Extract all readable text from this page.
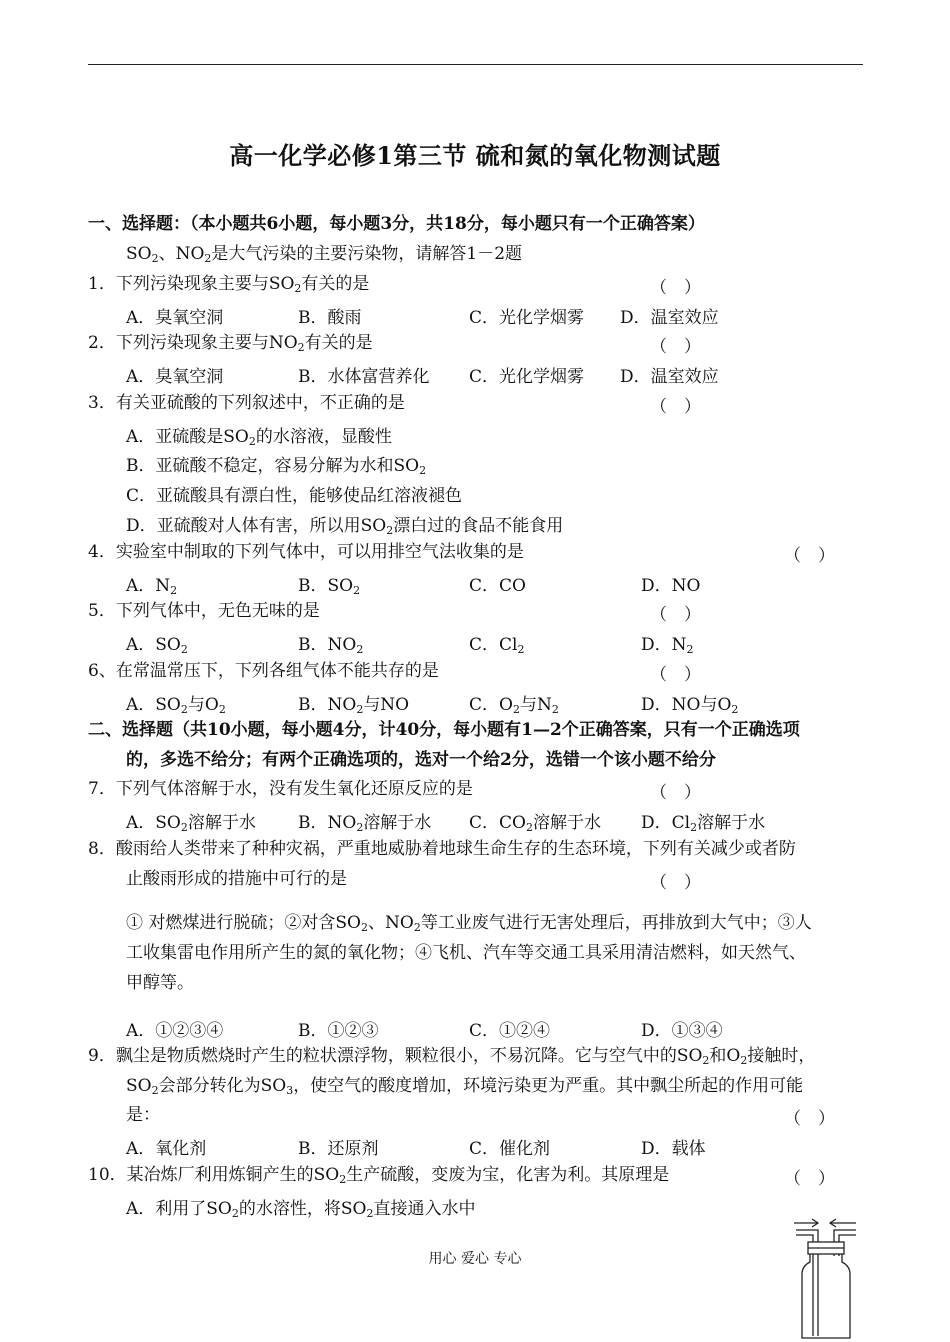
高一化学必修1第三节 硫和氮的氧化物测试题
一、选择题：（本小题共6小题，每小题3分，共18分，每小题只有一个正确答案）
$SO_2$、$NO_2$是大气污染的主要污染物，请解答1－2题
1．下列污染现象主要与$SO_2$有关的是	（　）
A．臭氧空洞	B．酸雨	C．光化学烟雾 D．温室效应
2．下列污染现象主要与$NO_2$有关的是	（　）
A．臭氧空洞	B．水体富营养化 C．光化学烟雾 D．温室效应
3．有关亚硫酸的下列叙述中，不正确的是	（　）
A．亚硫酸是$SO_2$的水溶液，显酸性
B．亚硫酸不稳定，容易分解为水和$SO_2$
C．亚硫酸具有漂白性，能够使品红溶液褪色
D．亚硫酸对人体有害，所以用$SO_2$漂白过的食品不能食用
4．实验室中制取的下列气体中，可以用排空气法收集的是	（　）
A．$N_2$	B．$SO_2$	C．CO	D．NO
5．下列气体中，无色无味的是	（　）
A．$SO_2$	B．$NO_2$	C．$Cl_2$	D．$N_2$
6、在常温常压下，下列各组气体不能共存的是	（　）
A．$SO_2$与$O_2$	B．$NO_2$与NO	C．$O_2$与$N_2$	D．NO与$O_2$
二、选择题（共10小题，每小题4分，计40分，每小题有1—2个正确答案，只有一个正确选项
的，多选不给分；有两个正确选项的，选对一个给2分，选错一个该小题不给分
7．下列气体溶解于水，没有发生氧化还原反应的是	（　）
A．$SO_2$溶解于水 B．$NO_2$溶解于水 C．$CO_2$溶解于水 D．$Cl_2$溶解于水
8．酸雨给人类带来了种种灾祸，严重地威胁着地球生命生存的生态环境，下列有关减少或者防
止酸雨形成的措施中可行的是	（　）
① 对燃煤进行脱硫；②对含$SO_2$、$NO_2$等工业废气进行无害处理后，再排放到大气中；③人
工收集雷电作用所产生的氮的氧化物；④飞机、汽车等交通工具采用清洁燃料，如天然气、
甲醇等。
A．①②③④	B．①②③	C．①②④	D．①③④
9．飘尘是物质燃烧时产生的粒状漂浮物，颗粒很小，不易沉降。它与空气中的$SO_2$和$O_2$接触时，
$SO_2$会部分转化为$SO_3$，使空气的酸度增加，环境污染更为严重。其中飘尘所起的作用可能
是：	（　）
A．氧化剂	B．还原剂	C．催化剂	D．载体
10．某冶炼厂利用炼铜产生的$SO_2$生产硫酸，变废为宝，化害为利。其原理是	（　）
A．利用了$SO_2$的水溶性，将$SO_2$直接通入水中
用心 爱心 专心
